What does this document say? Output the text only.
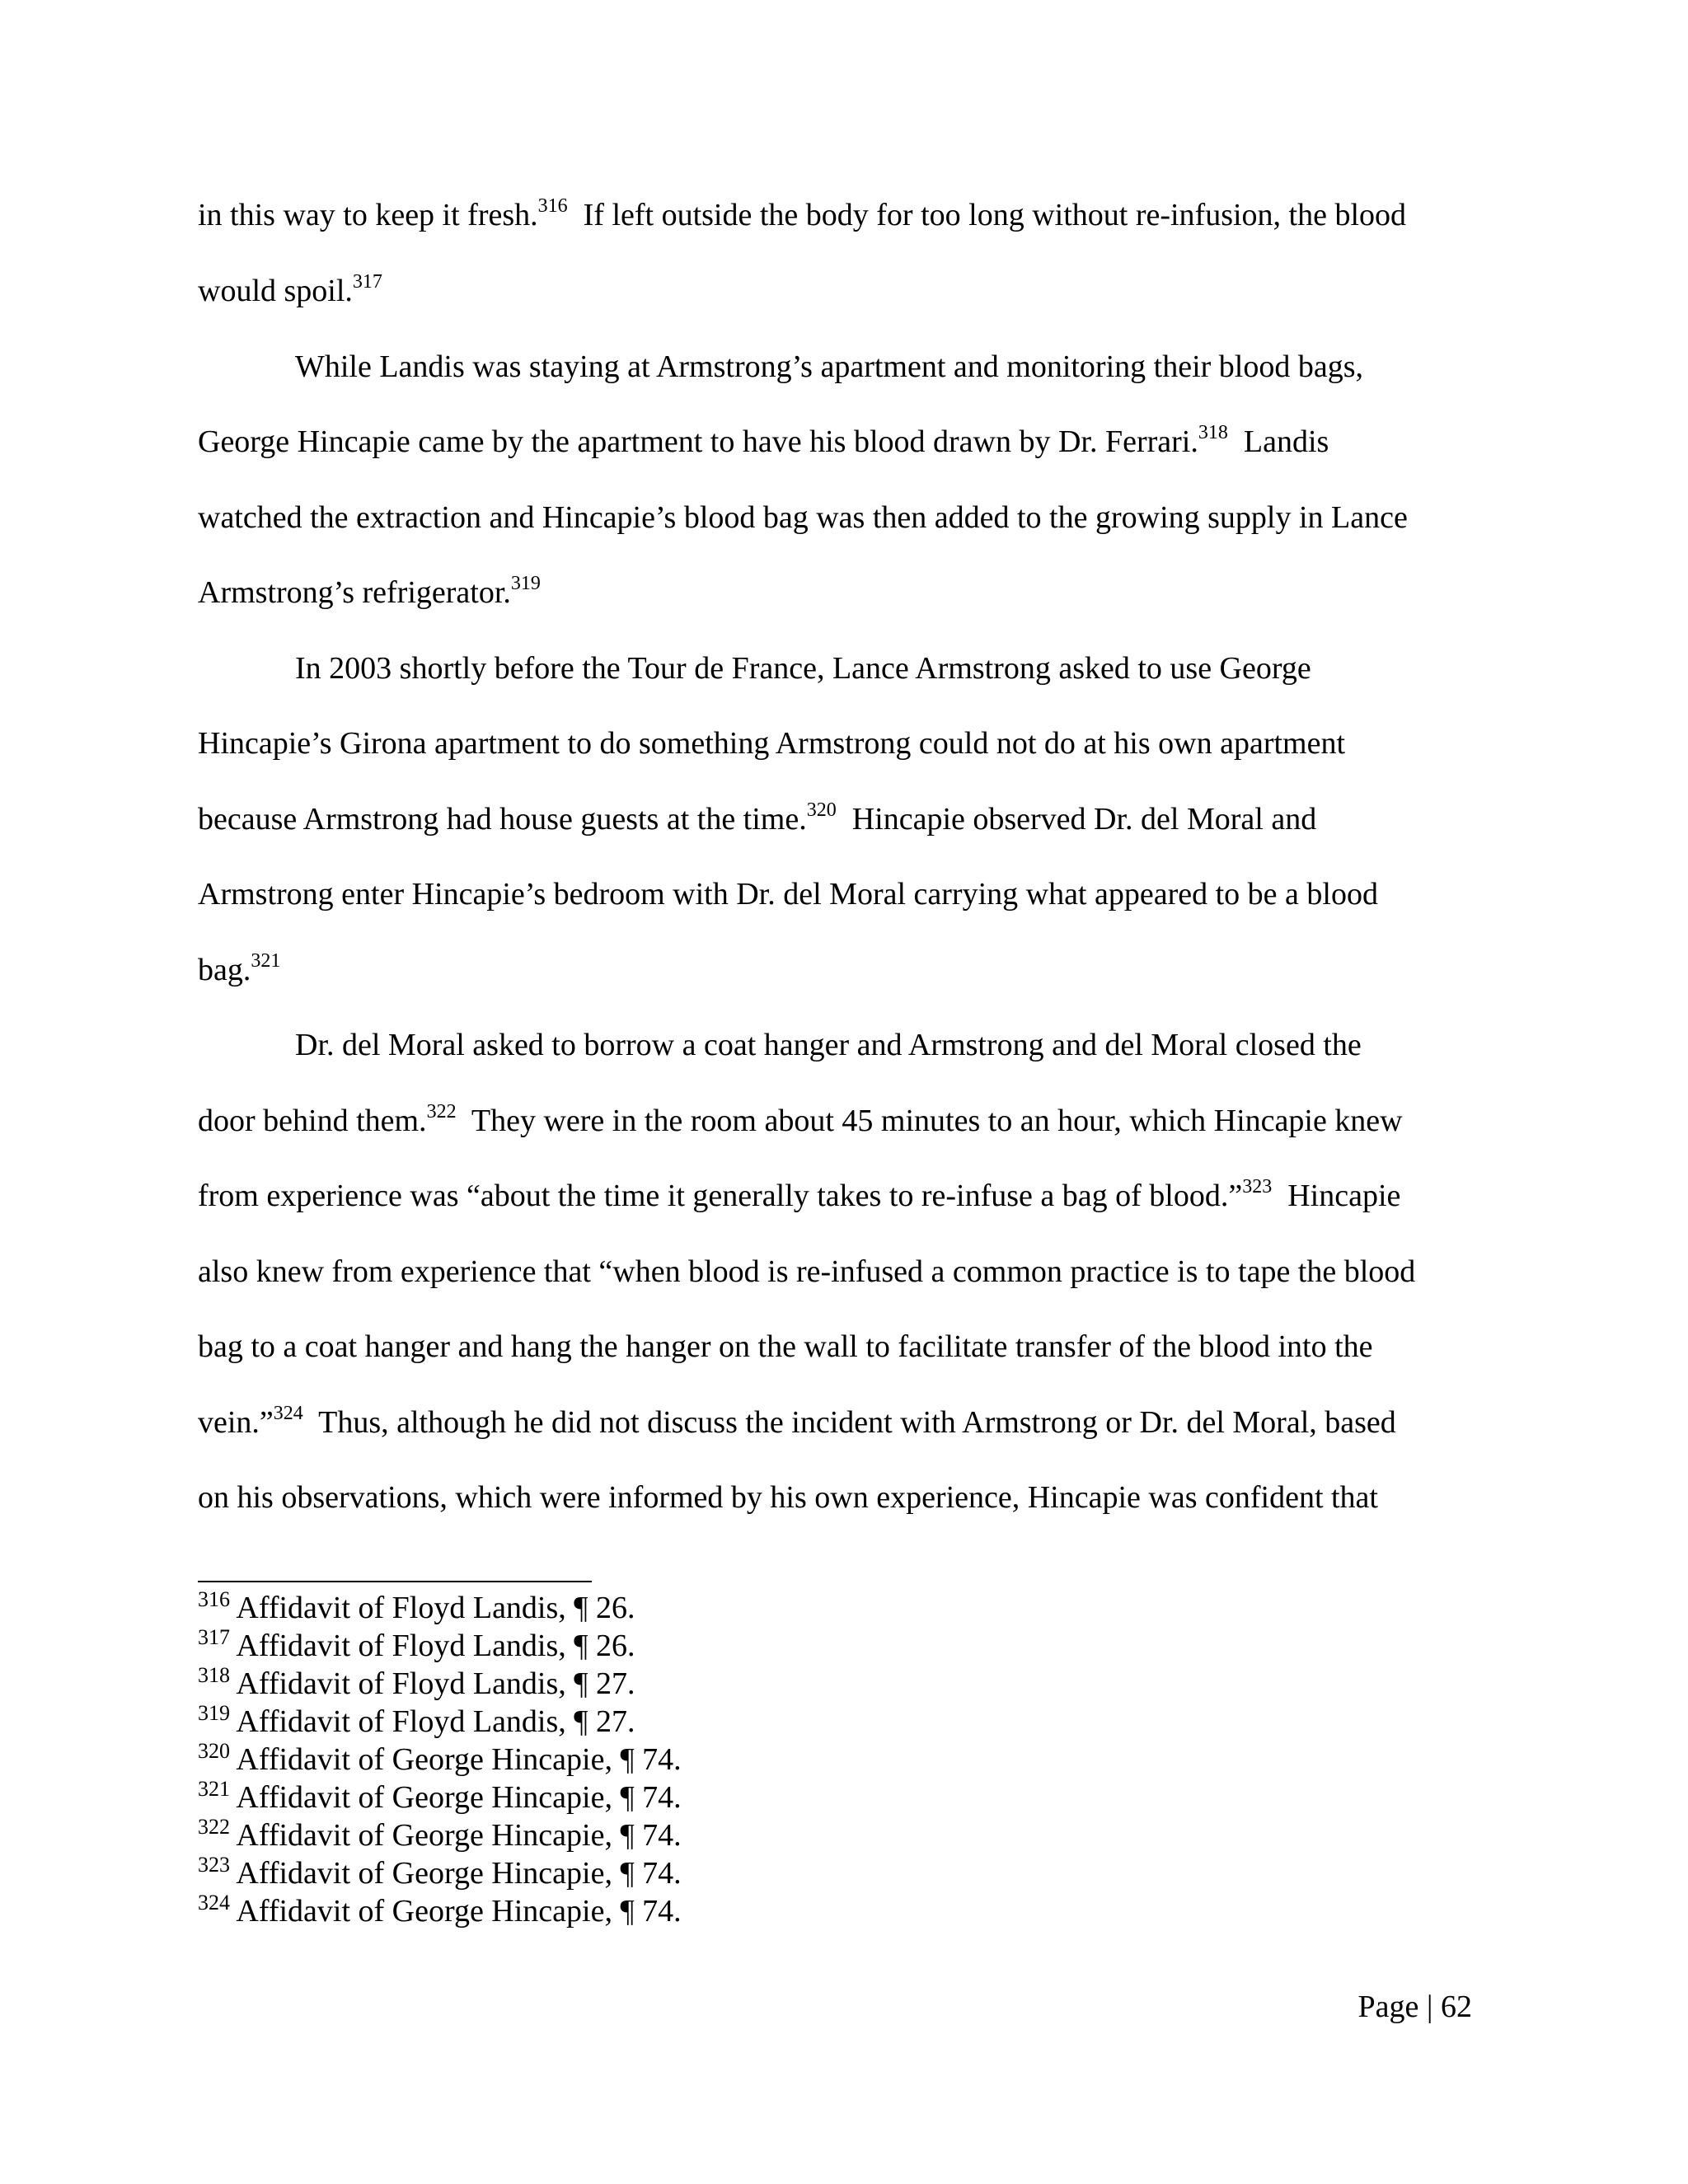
in this way to keep it fresh.$^{316}$  If left outside the body for too long without re-infusion, the blood
would spoil.$^{317}$
While Landis was staying at Armstrong’s apartment and monitoring their blood bags,
George Hincapie came by the apartment to have his blood drawn by Dr. Ferrari.$^{318}$  Landis
watched the extraction and Hincapie’s blood bag was then added to the growing supply in Lance
Armstrong’s refrigerator.$^{319}$
In 2003 shortly before the Tour de France, Lance Armstrong asked to use George
Hincapie’s Girona apartment to do something Armstrong could not do at his own apartment
because Armstrong had house guests at the time.$^{320}$  Hincapie observed Dr. del Moral and
Armstrong enter Hincapie’s bedroom with Dr. del Moral carrying what appeared to be a blood
bag.$^{321}$
Dr. del Moral asked to borrow a coat hanger and Armstrong and del Moral closed the
door behind them.$^{322}$  They were in the room about 45 minutes to an hour, which Hincapie knew
from experience was “about the time it generally takes to re-infuse a bag of blood.”$^{323}$  Hincapie
also knew from experience that “when blood is re-infused a common practice is to tape the blood
bag to a coat hanger and hang the hanger on the wall to facilitate transfer of the blood into the
vein.”$^{324}$  Thus, although he did not discuss the incident with Armstrong or Dr. del Moral, based
on his observations, which were informed by his own experience, Hincapie was confident that
$^{316}$ Affidavit of Floyd Landis, ¶ 26.
$^{317}$ Affidavit of Floyd Landis, ¶ 26.
$^{318}$ Affidavit of Floyd Landis, ¶ 27.
$^{319}$ Affidavit of Floyd Landis, ¶ 27.
$^{320}$ Affidavit of George Hincapie, ¶ 74.
$^{321}$ Affidavit of George Hincapie, ¶ 74.
$^{322}$ Affidavit of George Hincapie, ¶ 74.
$^{323}$ Affidavit of George Hincapie, ¶ 74.
$^{324}$ Affidavit of George Hincapie, ¶ 74.
Page | 62
